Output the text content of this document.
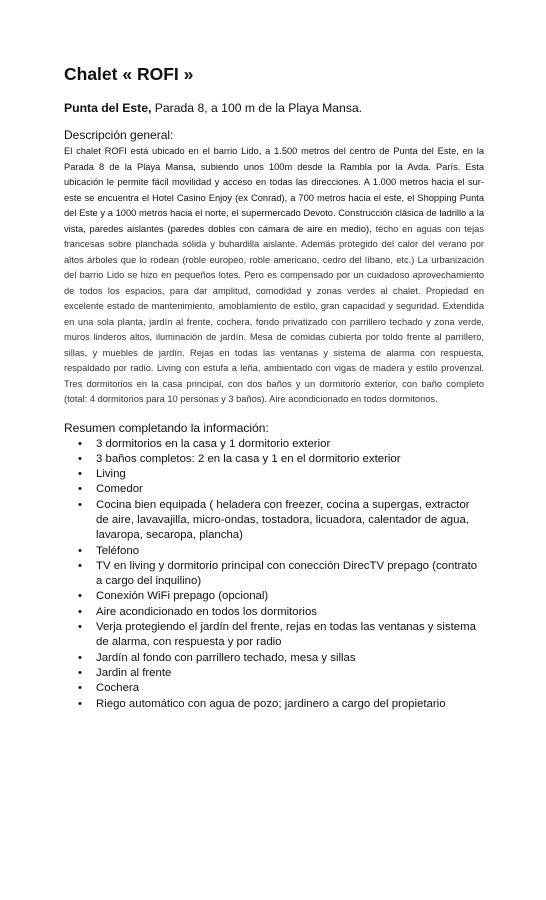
Chalet « ROFI »
Punta del Este, Parada 8, a 100 m de la Playa Mansa.
Descripción general:
El chalet ROFI está ubicado en el barrio Lido, a 1.500 metros del centro de Punta del Este, en la Parada 8 de la Playa Mansa, subiendo unos 100m desde la Rambla por la Avda. París. Esta ubicación le permite fácil movilidad y acceso en todas las direcciones. A 1.000 metros hacia el sur-este se encuentra el Hotel Casino Enjoy (ex Conrad), a 700 metros hacia el este, el Shopping Punta del Este y a 1000 metros hacia el norte, el supermercado Devoto. Construcción clásica de ladrillo a la vista, paredes aislantes (paredes dobles con cámara de aire en medio), techo en aguas con tejas francesas sobre planchada sólida y buhardilla aislante. Además protegido del calor del verano por altos árboles que lo rodean (roble europeo, roble americano, cedro del líbano, etc.) La urbanización del barrio Lido se hizo en pequeños lotes. Pero es compensado por un cuidadoso aprovechamiento de todos los espacios, para dar amplitud, comodidad y zonas verdes al chalet. Propiedad en excelente estado de mantenimiento, amoblamiento de estilo, gran capacidad y seguridad. Extendida en una sola planta, jardín al frente, cochera, fondo privatizado con parrillero techado y zona verde, muros linderos altos, iluminación de jardín. Mesa de comidas cubierta por toldo frente al parrillero, sillas, y muebles de jardín. Rejas en todas las ventanas y sistema de alarma con respuesta, respaldado por radio. Living con estufa a leña, ambientado con vigas de madera y estilo provenzal. Tres dormitorios en la casa principal, con dos baños y un dormitorio exterior, con baño completo (total: 4 dormitorios para 10 personas y 3 baños). Aire acondicionado en todos dormitorios.
Resumen completando la información:
• 3 dormitorios en la casa y 1 dormitorio exterior
• 3 baños completos: 2 en la casa y 1 en el dormitorio exterior
• Living
• Comedor
• Cocina bien equipada ( heladera con freezer, cocina a supergas, extractor de aire, lavavajilla, micro-ondas, tostadora, licuadora, calentador de agua, lavaropa, secaropa, plancha)
• Teléfono
• TV en living y dormitorio principal con conección DirecTV prepago (contrato a cargo del inquilino)
• Conexión WiFi prepago (opcional)
• Aire acondicionado en todos los dormitorios
• Verja protegiendo el jardín del frente, rejas en todas las ventanas y sistema de alarma, con respuesta y por radio
• Jardín al fondo con parrillero techado, mesa y sillas
• Jardin al frente
• Cochera
• Riego automático con agua de pozo; jardinero a cargo del propietario
